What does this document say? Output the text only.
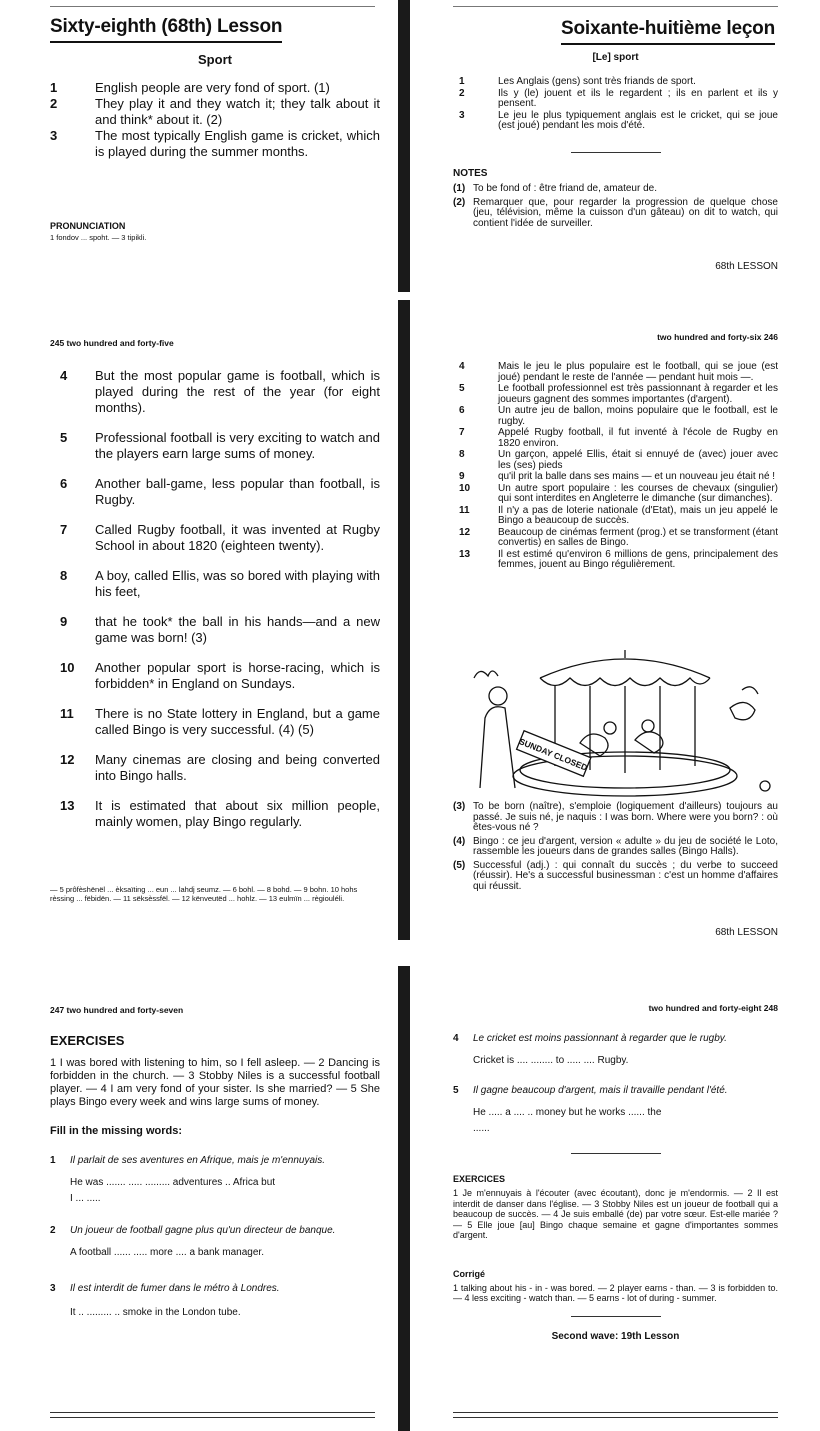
Sixty-eighth (68th) Lesson	Soixante-huitième leçon
Sport	[Le] sport
1	English people are very fond of sport. (1)
2	They play it and they watch it; they talk about it and think* about it. (2)
3	The most typically English game is cricket, which is played during the summer months.
PRONUNCIATION
1 fondov ... spoht. — 3 tipikli.
1	Les Anglais (gens) sont très friands de sport.
2	Ils y (le) jouent et ils le regardent ; ils en parlent et ils y pensent.
3	Le jeu le plus typiquement anglais est le cricket, qui se joue (est joué) pendant les mois d'été.
NOTES
(1) To be fond of : être friand de, amateur de.
(2) Remarquer que, pour regarder la progression de quelque chose (jeu, télévision, même la cuisson d'un gâteau) on dit to watch, qui contient l'idée de surveiller.
68th LESSON
245 two hundred and forty-five
two hundred and forty-six 246
4	But the most popular game is football, which is played during the rest of the year (for eight months).
5	Professional football is very exciting to watch and the players earn large sums of money.
6	Another ball-game, less popular than football, is Rugby.
7	Called Rugby football, it was invented at Rugby School in about 1820 (eighteen twenty).
8	A boy, called Ellis, was so bored with playing with his feet,
9	that he took* the ball in his hands—and a new game was born! (3)
10	Another popular sport is horse-racing, which is forbidden* in England on Sundays.
11	There is no State lottery in England, but a game called Bingo is very successful. (4) (5)
12	Many cinemas are closing and being converted into Bingo halls.
13	It is estimated that about six million people, mainly women, play Bingo regularly.
— 5 prôfèshënël ... èksaïting ... eun ... lahdj seumz. — 6 bohl. — 8 bohd. — 9 bohn. 10 hohs rèssing ... fëbidën. — 11 sëksèssfël. — 12 kënveutëd ... hohlz. — 13 eulmïn ... règiouléli.
4	Mais le jeu le plus populaire est le football, qui se joue (est joué) pendant le reste de l'année — pendant huit mois —.
5	Le football professionnel est très passionnant à regarder et les joueurs gagnent des sommes importantes (d'argent).
6	Un autre jeu de ballon, moins populaire que le football, est le rugby.
7	Appelé Rugby football, il fut inventé à l'école de Rugby en 1820 environ.
8	Un garçon, appelé Ellis, était si ennuyé de (avec) jouer avec les (ses) pieds
9	qu'il prit la balle dans ses mains — et un nouveau jeu était né !
10	Un autre sport populaire : les courses de chevaux (singulier) qui sont interdites en Angleterre le dimanche (sur dimanches).
11	Il n'y a pas de loterie nationale (d'Etat), mais un jeu appelé le Bingo a beaucoup de succès.
12	Beaucoup de cinémas ferment (prog.) et se transforment (étant convertis) en salles de Bingo.
13	Il est estimé qu'environ 6 millions de gens, principalement des femmes, jouent au Bingo régulièrement.
SUNDAY CLOSED
(3) To be born (naître), s'emploie (logiquement d'ailleurs) toujours au passé. Je suis né, je naquis : I was born. Where were you born? : où êtes-vous né ?
(4) Bingo : ce jeu d'argent, version « adulte » du jeu de société le Loto, rassemble les joueurs dans de grandes salles (Bingo Halls).
(5) Successful (adj.) : qui connaît du succès ; du verbe to succeed (réussir). He's a successful businessman : c'est un homme d'affaires qui réussit.
68th LESSON
247 two hundred and forty-seven	two hundred and forty-eight 248
EXERCISES
1 I was bored with listening to him, so I fell asleep. — 2 Dancing is forbidden in the church. — 3 Stobby Niles is a successful football player. — 4 I am very fond of your sister. Is she married? — 5 She plays Bingo every week and wins large sums of money.
Fill in the missing words:
1	Il parlait de ses aventures en Afrique, mais je m'ennuyais.
He was ....... ..... ......... adventures .. Africa but
I ... .....
2	Un joueur de football gagne plus qu'un directeur de banque.
A football ...... ..... more .... a bank manager.
3	Il est interdit de fumer dans le métro à Londres.
It .. ......... .. smoke in the London tube.
4	Le cricket est moins passionnant à regarder que le rugby.
Cricket is .... ........ to ..... .... Rugby.
5	Il gagne beaucoup d'argent, mais il travaille pendant l'été.
He ..... a .... .. money but he works ...... the
......
EXERCICES
1 Je m'ennuyais à l'écouter (avec écoutant), donc je m'endormis. — 2 Il est interdit de danser dans l'église. — 3 Stobby Niles est un joueur de football qui a beaucoup de succès. — 4 Je suis emballé (de) par votre sœur. Est-elle mariée ? — 5 Elle joue [au] Bingo chaque semaine et gagne d'importantes sommes d'argent.
Corrigé
1 talking about his - in - was bored. — 2 player earns - than. — 3 is forbidden to. — 4 less exciting - watch than. — 5 earns - lot of during - summer.
Second wave: 19th Lesson
